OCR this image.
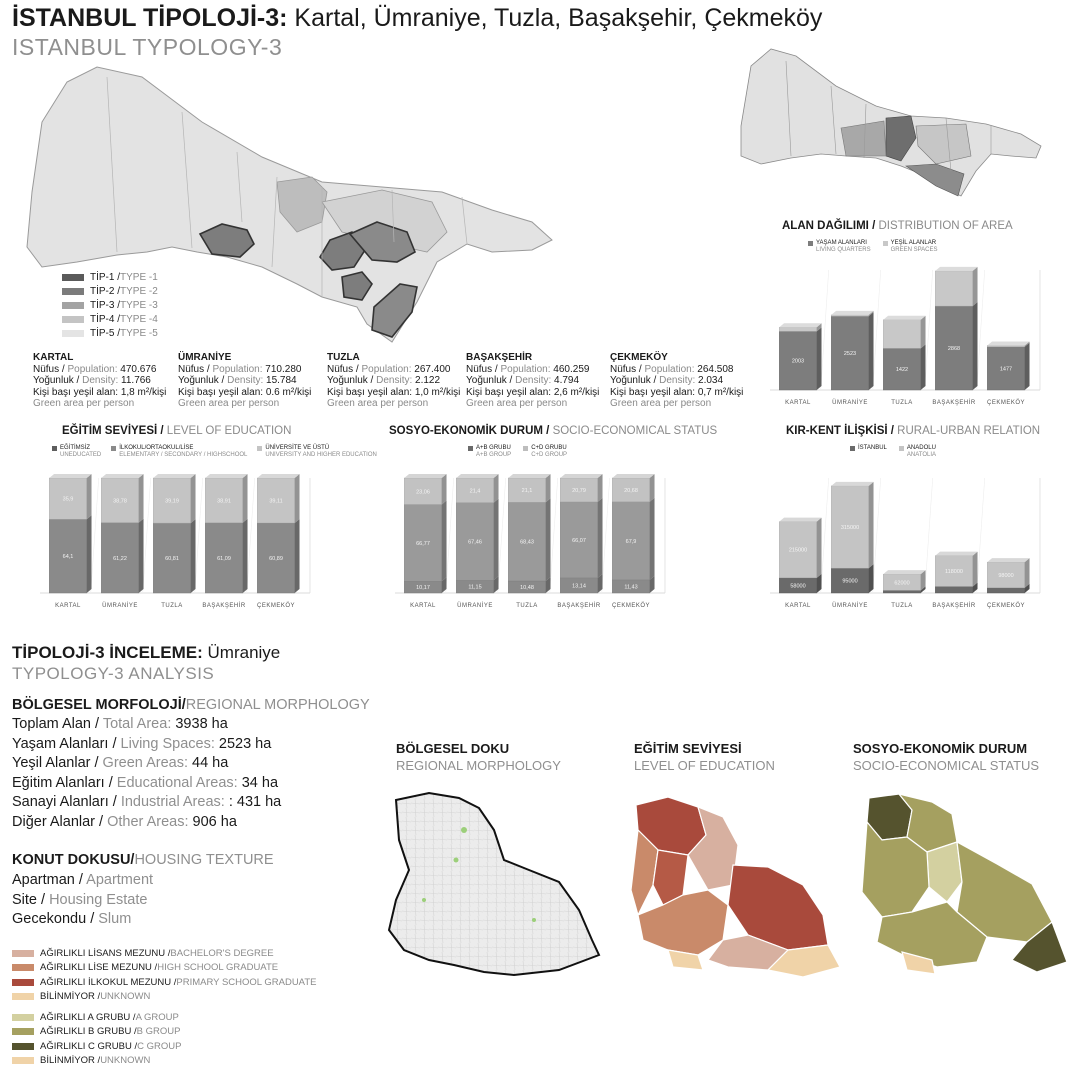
İSTANBUL TİPOLOJİ-3: Kartal, Ümraniye, Tuzla, Başakşehir, Çekmeköy
ISTANBUL TYPOLOGY-3
TİP-1 / TYPE -1
TİP-2 / TYPE -2
TİP-3 / TYPE -3
TİP-4 / TYPE -4
TİP-5 / TYPE -5
KARTAL
Nüfus / Population: 470.676
Yoğunluk / Density: 11.766
Kişi başı yeşil alan: 1,8 m²/kişi
Green area per person
ÜMRANİYE
Nüfus / Population: 710.280
Yoğunluk / Density: 15.784
Kişi başı yeşil alan: 0.6 m²/kişi
Green area per person
TUZLA
Nüfus / Population: 267.400
Yoğunluk / Density: 2.122
Kişi başı yeşil alan: 1,0 m²/kişi
Green area per person
BAŞAKŞEHİR
Nüfus / Population: 460.259
Yoğunluk / Density: 4.794
Kişi başı yeşil alan: 2,6 m²/kişi
Green area per person
ÇEKMEKÖY
Nüfus / Population: 264.508
Yoğunluk / Density: 2.034
Kişi başı yeşil alan: 0,7 m²/kişi
Green area per person
ALAN DAĞILIMI / DISTRIBUTION OF AREA
YAŞAM ALANLARI
LIVING QUARTERS
YEŞİL ALANLAR
GREEN SPACES
EĞİTİM SEVİYESİ / LEVEL OF EDUCATION
EĞİTİMSİZ
UNEDUCATED
İLKOKUL/ORTAOKUL/LİSE
ELEMENTARY / SECONDARY / HIGHSCHOOL
ÜNİVERSİTE VE ÜSTÜ
UNIVERSITY AND HIGHER EDUCATION
SOSYO-EKONOMİK DURUM / SOCIO-ECONOMICAL STATUS
A+B GRUBU
A+B GROUP
C+D GRUBU
C+D GROUP
KIR-KENT İLİŞKİSİ / RURAL-URBAN RELATION
İSTANBUL	ANADOLU
ANATOLIA
2003
KARTAL
2523
ÜMRANİYE
1422
TUZLA
2868
BAŞAKŞEHİR
1477
ÇEKMEKÖY
64,1
35,9
KARTAL
61,22
38,78
ÜMRANİYE
60,81
39,19
TUZLA
61,09
38,91
BAŞAKŞEHİR
60,89
39,11
ÇEKMEKÖY
10,17
66,77
23,06
KARTAL
11,15
67,46
21,4
ÜMRANİYE
10,48
68,43
21,1
TUZLA
13,14
66,07
20,79
BAŞAKŞEHİR
11,43
67,9
20,68
ÇEKMEKÖY
58000
215000
KARTAL
95000
315000
ÜMRANİYE
62000
TUZLA
118000
BAŞAKŞEHİR
98000
ÇEKMEKÖY
TİPOLOJİ-3 İNCELEME: Ümraniye
TYPOLOGY-3 ANALYSIS
BÖLGESEL MORFOLOJİ/REGIONAL MORPHOLOGY
Toplam Alan / Total Area: 3938 ha
Yaşam Alanları / Living Spaces: 2523 ha
Yeşil Alanlar / Green Areas: 44 ha
Eğitim Alanları / Educational Areas: 34 ha
Sanayi Alanları / Industrial Areas: : 431 ha
Diğer Alanlar / Other Areas: 906 ha
KONUT DOKUSU/HOUSING TEXTURE
Apartman / Apartment
Site / Housing Estate
Gecekondu / Slum
AĞIRLIKLI LİSANS MEZUNU / BACHELOR'S DEGREE
AĞIRLIKLI LİSE MEZUNU / HIGH SCHOOL GRADUATE
AĞIRLIKLI İLKOKUL MEZUNU / PRIMARY SCHOOL GRADUATE
BİLİNMİYOR / UNKNOWN
AĞIRLIKLI A GRUBU / A GROUP
AĞIRLIKLI B GRUBU / B GROUP
AĞIRLIKLI C GRUBU / C GROUP
BİLİNMİYOR / UNKNOWN
BÖLGESEL DOKU
REGIONAL MORPHOLOGY
EĞİTİM SEVİYESİ
LEVEL OF EDUCATION
SOSYO-EKONOMİK DURUM
SOCIO-ECONOMICAL STATUS
